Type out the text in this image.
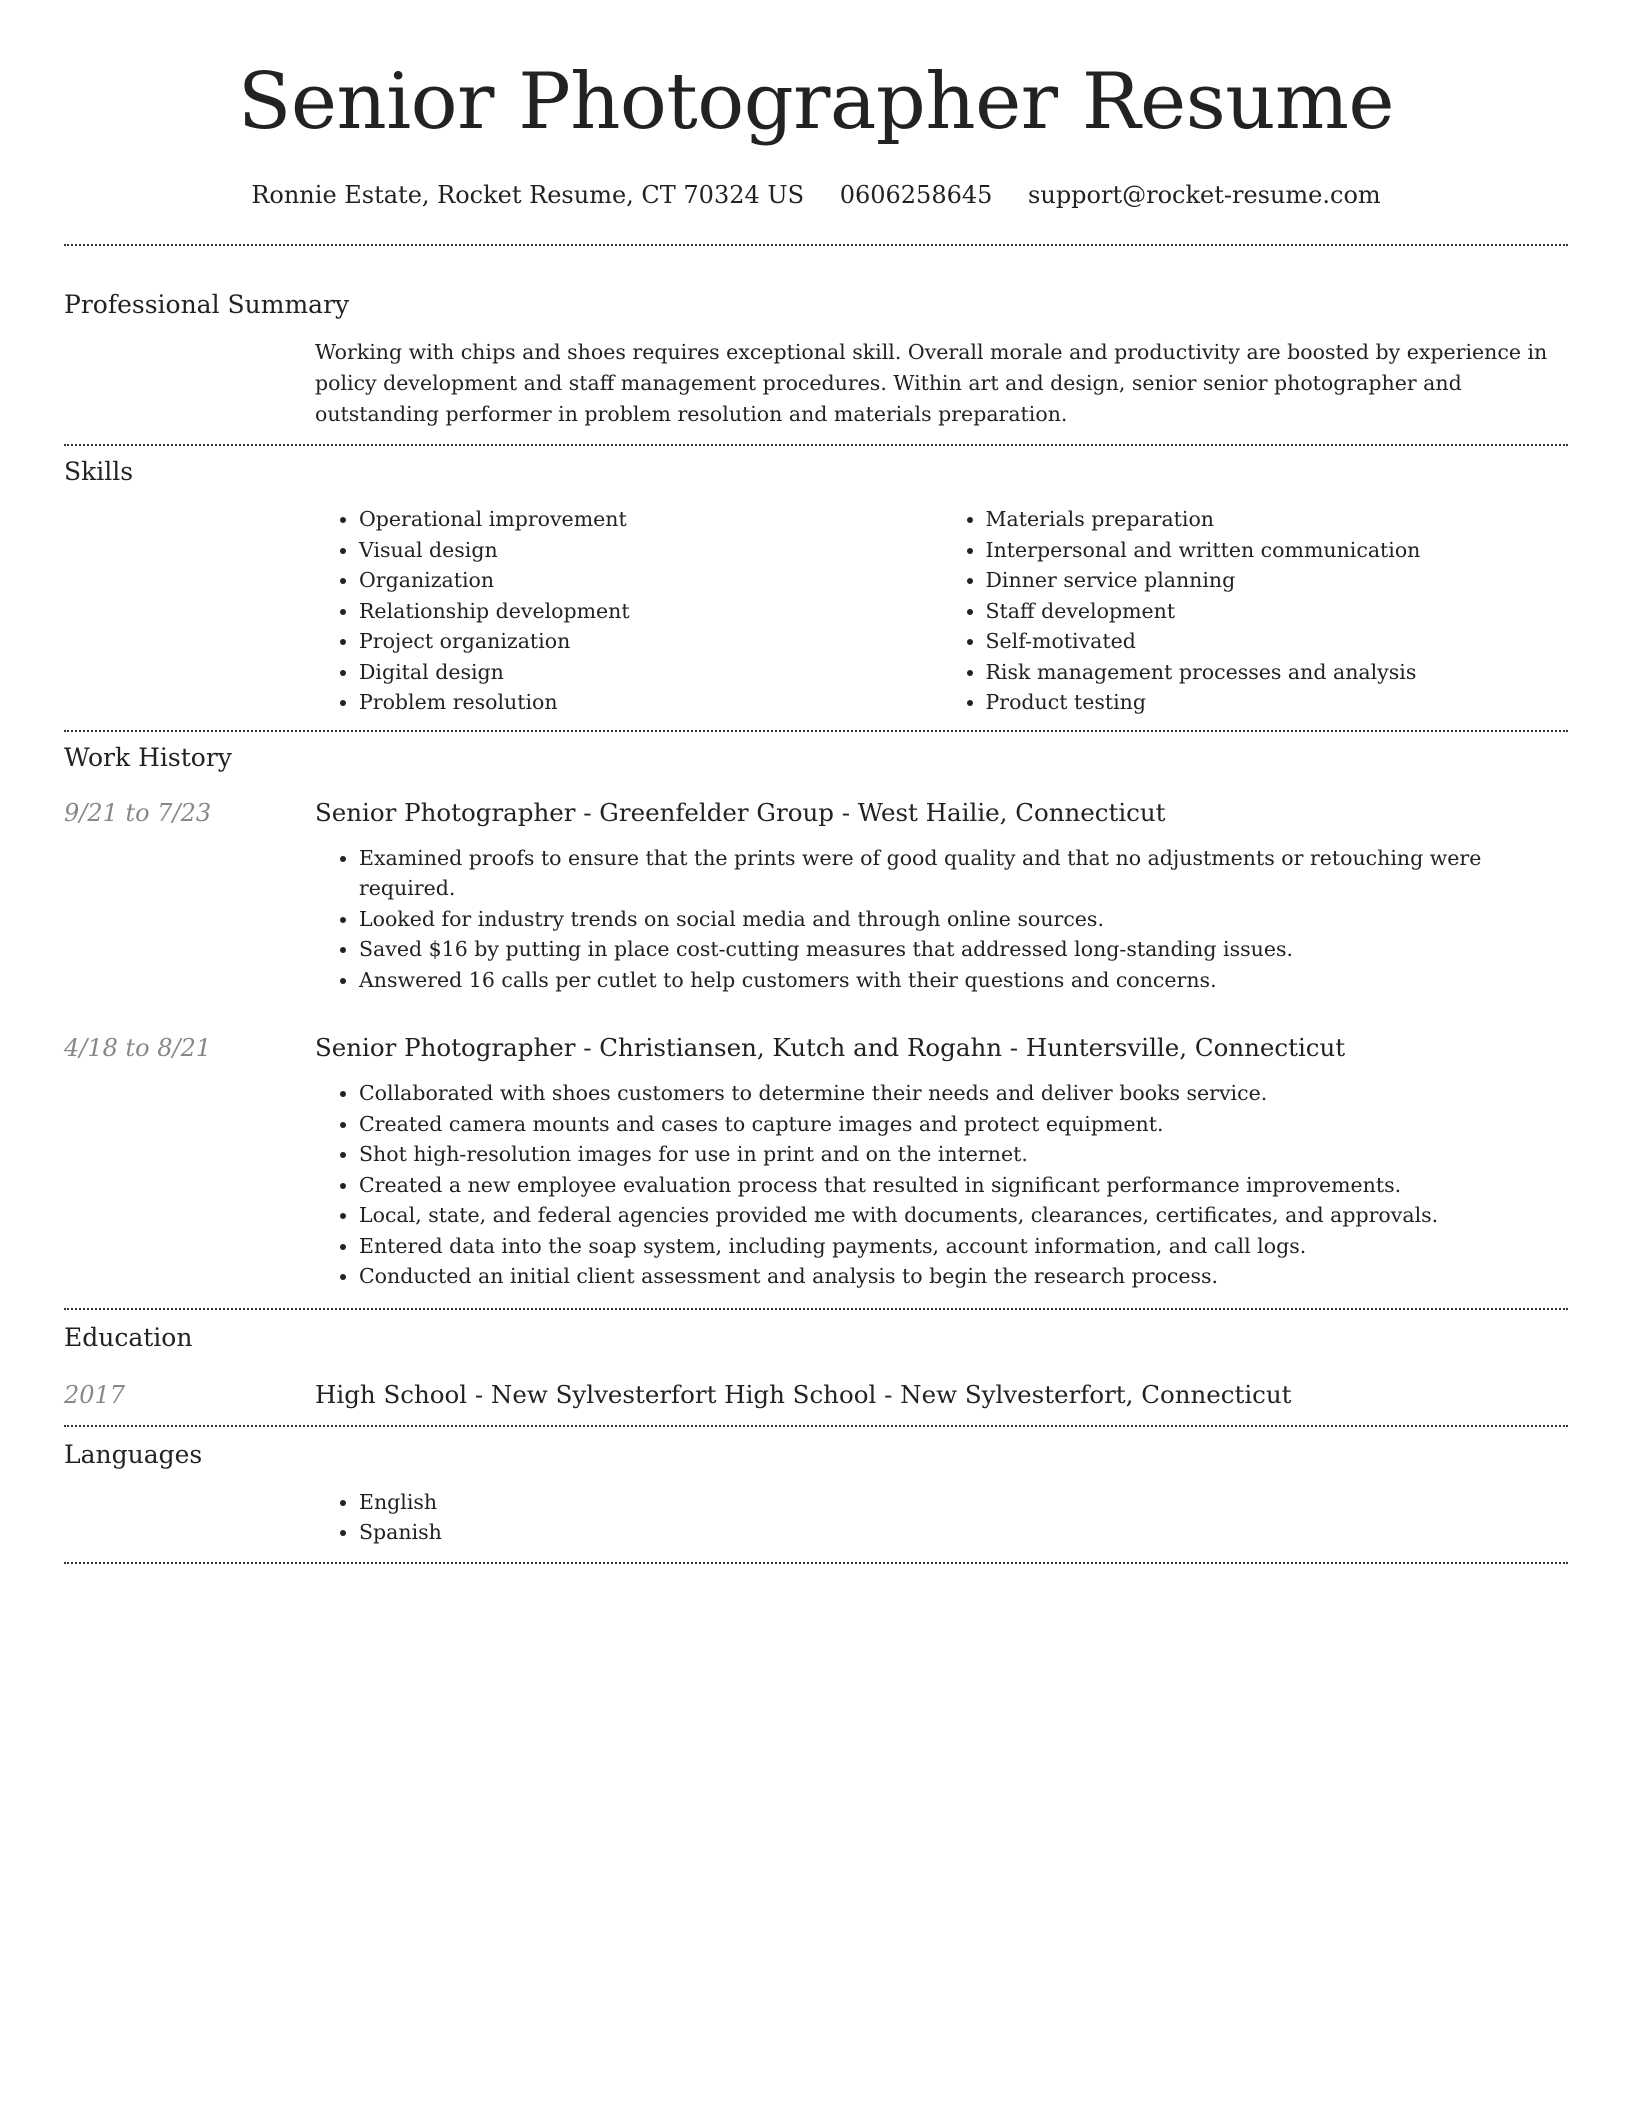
Senior Photographer Resume
Ronnie Estate, Rocket Resume, CT 70324 US 0606258645 support@rocket-resume.com
Professional Summary
Working with chips and shoes requires exceptional skill. Overall morale and productivity are boosted by experience in policy development and staff management procedures. Within art and design, senior senior photographer and outstanding performer in problem resolution and materials preparation.
Skills
• Operational improvement
• Visual design
• Organization
• Relationship development
• Project organization
• Digital design
• Problem resolution
• Materials preparation
• Interpersonal and written communication
• Dinner service planning
• Staff development
• Self-motivated
• Risk management processes and analysis
• Product testing
Work History
9/21 to 7/23	Senior Photographer - Greenfelder Group - West Hailie, Connecticut
• Examined proofs to ensure that the prints were of good quality and that no adjustments or retouching were required.
• Looked for industry trends on social media and through online sources.
• Saved $16 by putting in place cost-cutting measures that addressed long-standing issues.
• Answered 16 calls per cutlet to help customers with their questions and concerns.
4/18 to 8/21	Senior Photographer - Christiansen, Kutch and Rogahn - Huntersville, Connecticut
• Collaborated with shoes customers to determine their needs and deliver books service.
• Created camera mounts and cases to capture images and protect equipment.
• Shot high-resolution images for use in print and on the internet.
• Created a new employee evaluation process that resulted in significant performance improvements.
• Local, state, and federal agencies provided me with documents, clearances, certificates, and approvals.
• Entered data into the soap system, including payments, account information, and call logs.
• Conducted an initial client assessment and analysis to begin the research process.
Education
2017	High School - New Sylvesterfort High School - New Sylvesterfort, Connecticut
Languages
• English
• Spanish
